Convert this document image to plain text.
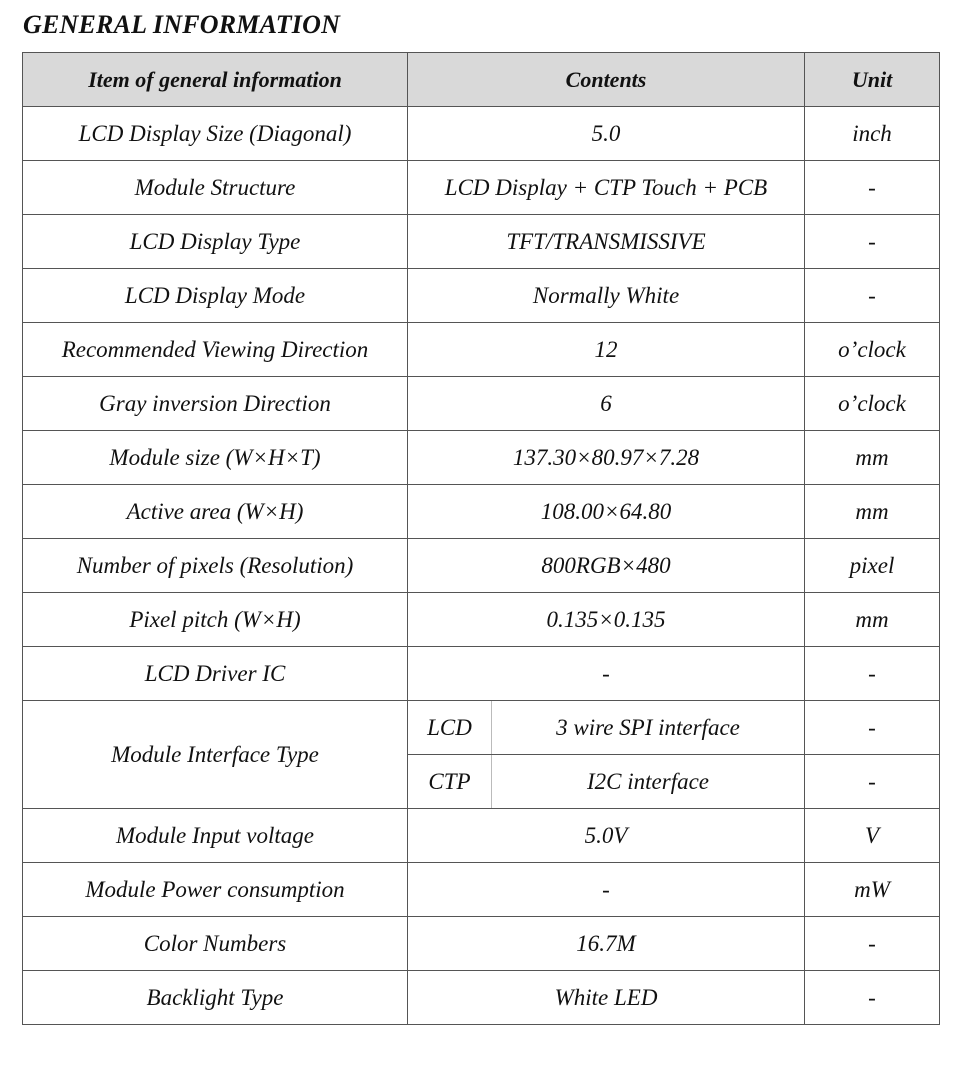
GENERAL INFORMATION
Item of general information	Contents		Unit
LCD Display Size (Diagonal)	5.0		inch
Module Structure	LCD Display + CTP Touch + PCB		-
LCD Display Type	TFT/TRANSMISSIVE		-
LCD Display Mode	Normally White		-
Recommended Viewing Direction	12		o’clock
Gray inversion Direction	6		o’clock
Module size (W×H×T)	137.30×80.97×7.28		mm
Active area (W×H)	108.00×64.80		mm
Number of pixels (Resolution)	800RGB×480		pixel
Pixel pitch (W×H)	0.135×0.135		mm
LCD Driver IC	-		-
Module Interface Type	LCD	3 wire SPI interface	-
	CTP	I2C interface	-
Module Input voltage	5.0V		V
Module Power consumption	-		mW
Color Numbers	16.7M		-
Backlight Type	White LED		-
